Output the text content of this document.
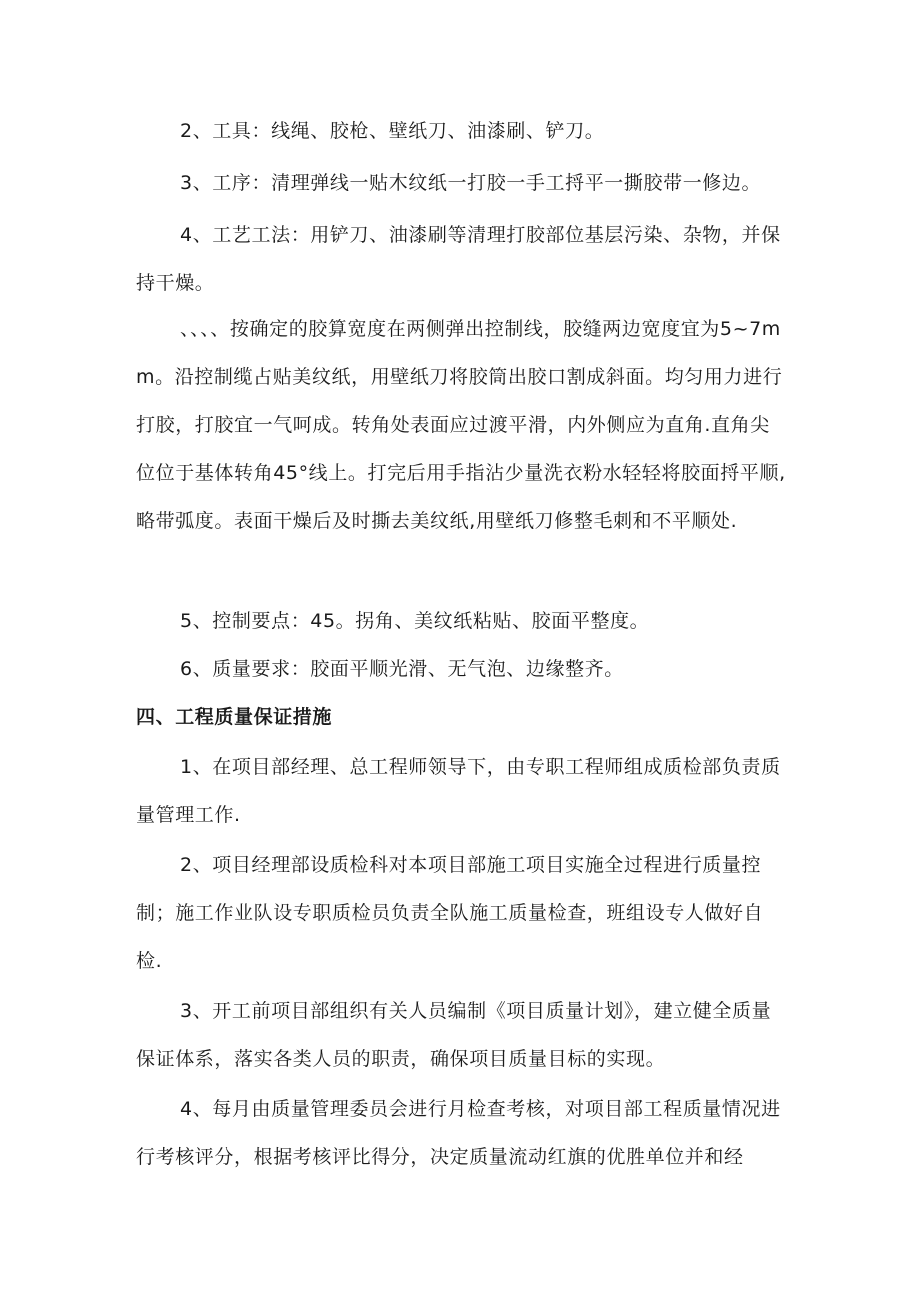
2、工具：线绳、胶枪、壁纸刀、油漆刷、铲刀。

3、工序：清理弹线一贴木纹纸一打胶一手工捋平一撕胶带一修边。

4、工艺工法：用铲刀、油漆刷等清理打胶部位基层污染、杂物，并保持干燥。

、、、、按确定的胶算宽度在两侧弹出控制线，胶缝两边宽度宜为5~7mm。沿控制缆占贴美纹纸，用壁纸刀将胶筒出胶口割成斜面。均匀用力进行打胶，打胶宜一气呵成。转角处表面应过渡平滑，内外侧应为直角.直角尖位位于基体转角45°线上。打完后用手指沾少量洗衣粉水轻轻将胶面捋平顺,略带弧度。表面干燥后及时撕去美纹纸,用壁纸刀修整毛刺和不平顺处.

5、控制要点：45。拐角、美纹纸粘贴、胶面平整度。

6、质量要求：胶面平顺光滑、无气泡、边缘整齐。

四、工程质量保证措施

1、在项目部经理、总工程师领导下，由专职工程师组成质检部负责质量管理工作.

2、项目经理部设质检科对本项目部施工项目实施全过程进行质量控制；施工作业队设专职质检员负责全队施工质量检查，班组设专人做好自检.

3、开工前项目部组织有关人员编制《项目质量计划》，建立健全质量保证体系，落实各类人员的职责，确保项目质量目标的实现。

4、每月由质量管理委员会进行月检查考核，对项目部工程质量情况进行考核评分，根据考核评比得分，决定质量流动红旗的优胜单位并和经
